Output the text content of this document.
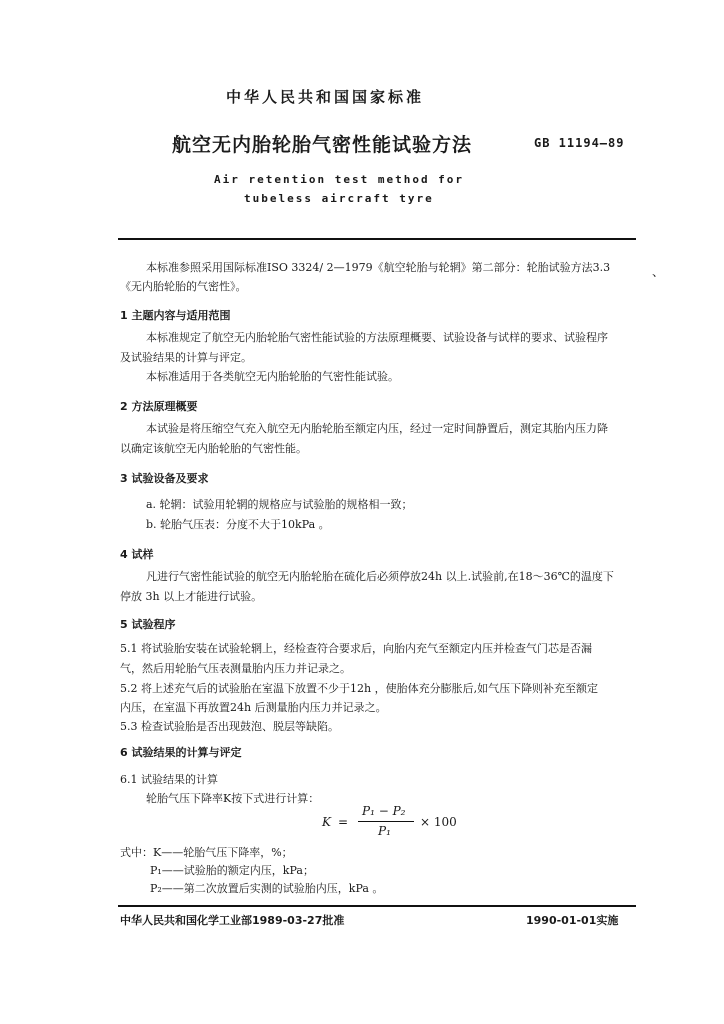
中华人民共和国国家标准
航空无内胎轮胎气密性能试验方法	GB 11194—89
Air retention test method for
tubeless aircraft tyre
本标准参照采用国际标准ISO 3324/ 2—1979《航空轮胎与轮辋》第二部分：轮胎试验方法3.3
《无内胎轮胎的气密性》。
、
1 主题内容与适用范围
本标准规定了航空无内胎轮胎气密性能试验的方法原理概要、试验设备与试样的要求、试验程序
及试验结果的计算与评定。
本标准适用于各类航空无内胎轮胎的气密性能试验。
2 方法原理概要
本试验是将压缩空气充入航空无内胎轮胎至额定内压，经过一定时间静置后，测定其胎内压力降
以确定该航空无内胎轮胎的气密性能。
3 试验设备及要求
a. 轮辋：试验用轮辋的规格应与试验胎的规格相一致；
b. 轮胎气压表：分度不大于10kPa 。
4 试样
凡进行气密性能试验的航空无内胎轮胎在硫化后必须停放24h 以上.试验前,在18～36℃的温度下
停放 3h 以上才能进行试验。
5 试验程序
5.1 将试验胎安装在试验轮辋上，经检查符合要求后，向胎内充气至额定内压并检查气门芯是否漏
气，然后用轮胎气压表测量胎内压力并记录之。
5.2 将上述充气后的试验胎在室温下放置不少于12h ，使胎体充分膨胀后,如气压下降则补充至额定
内压，在室温下再放置24h 后测量胎内压力并记录之。
5.3 检查试验胎是否出现鼓泡、脱层等缺陷。
6 试验结果的计算与评定
6.1 试验结果的计算
轮胎气压下降率K按下式进行计算：
K =
P₁ − P₂
P₁
× 100
式中：K——轮胎气压下降率，%；
P₁——试验胎的额定内压，kPa；
P₂——第二次放置后实测的试验胎内压，kPa 。
中华人民共和国化学工业部1989-03-27批准	1990-01-01实施
